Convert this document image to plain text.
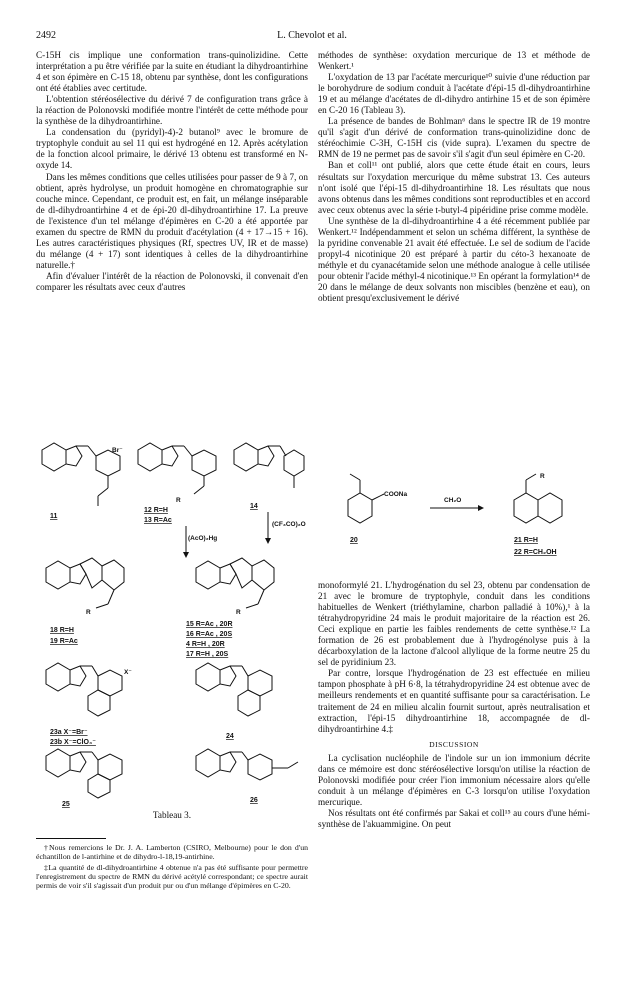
2492	L. Chevolot et al.

C-15H cis implique une conformation trans-quinolizidine. Cette interprétation a pu être vérifiée par la suite en étudiant la dihydroantirhine 4 et son épimère en C-15 18, obtenu par synthèse, dont les configurations ont été établies avec certitude.

L'obtention stéréosélective du dérivé 7 de configuration trans grâce à la réaction de Polonovski modifiée montre l'intérêt de cette méthode pour la synthèse de la dihydroantirhine.

La condensation du (pyridyl)-4)-2 butanol⁹ avec le bromure de tryptophyle conduit au sel 11 qui est hydrogéné en 12. Après acétylation de la fonction alcool primaire, le dérivé 13 obtenu est transformé en N-oxyde 14.

Dans les mêmes conditions que celles utilisées pour passer de 9 à 7, on obtient, après hydrolyse, un produit homogène en chromatographie sur couche mince. Cependant, ce produit est, en fait, un mélange inséparable de dl-dihydroantirhine 4 et de épi-20 dl-dihydroantirhine 17. La preuve de l'existence d'un tel mélange d'épimères en C-20 a été apportée par examen du spectre de RMN du produit d'acétylation (4 + 17→15 + 16). Les autres caractéristiques physiques (Rf, spectres UV, IR et de masse) du mélange (4 + 17) sont identiques à celles de la dihydroantirhine naturelle.†

Afin d'évaluer l'intérêt de la réaction de Polonovski, il convenait d'en comparer les résultats avec ceux d'autres

méthodes de synthèse: oxydation mercurique de 13 et méthode de Wenkert.¹

L'oxydation de 13 par l'acétate mercurique¹⁰ suivie d'une réduction par le borohydrure de sodium conduit à l'acétate d'épi-15 dl-dihydroantirhine 19 et au mélange d'acétates de dl-dihydro antirhine 15 et de son épimère en C-20 16 (Tableau 3).

La présence de bandes de Bohlman⁶ dans le spectre IR de 19 montre qu'il s'agit d'un dérivé de conformation trans-quinolizidine donc de stéréochimie C-3H, C-15H cis (vide supra). L'examen du spectre de RMN de 19 ne permet pas de savoir s'il s'agit d'un seul épimère en C-20.

Ban et coll¹¹ ont publié, alors que cette étude était en cours, leurs résultats sur l'oxydation mercurique du même substrat 13. Ces auteurs n'ont isolé que l'épi-15 dl-dihydroantirhine 18. Les résultats que nous avons obtenus dans les mêmes conditions sont reproductibles et en accord avec ceux obtenus avec la série t-butyl-4 pipéridine prise comme modèle.

Une synthèse de la dl-dihydroantirhine 4 a été récemment publiée par Wenkert.¹² Indépendamment et selon un schéma différent, la synthèse de la pyridine convenable 21 avait été effectuée. Le sel de sodium de l'acide propyl-4 nicotinique 20 est préparé à partir du céto-3 hexanoate de méthyle et du cyanacétamide selon une méthode analogue à celle utilisée pour obtenir l'acide méthyl-4 nicotinique.¹³ En opérant la formylation¹⁴ de 20 dans le mélange de deux solvants non miscibles (benzène et eau), on obtient presqu'exclusivement le dérivé

Br⁻
11
R
12 R=H
13 R=Ac
14
(AcO)₂Hg
(CF₃CO)₂O
R
18 R=H
19 R=Ac
R
15 R=Ac , 20R
16 R=Ac , 20S
4 R=H , 20R
17 R=H , 20S
X⁻
23a X⁻=Br⁻
23b X⁻=ClO₄⁻
24
25
26
Tableau 3.

†Nous remercions le Dr. J. A. Lamberton (CSIRO, Melbourne) pour le don d'un échantillon de l-antirhine et de dihydro-l-18,19-antirhine.

‡La quantité de dl-dihydroantirhine 4 obtenue n'a pas été suffisante pour permettre l'enregistrement du spectre de RMN du dérivé acétylé correspondant; ce spectre aurait permis de voir s'il s'agissait d'un produit pur ou d'un mélange d'épimères en C-20.

COONa
20
CH₂O
R
21 R=H
22 R=CH₂OH

monoformylé 21. L'hydrogénation du sel 23, obtenu par condensation de 21 avec le bromure de tryptophyle, conduit dans les conditions habituelles de Wenkert (triéthylamine, charbon palladié à 10%),¹ à la tétrahydropyridine 24 mais le produit majoritaire de la réaction est 26. Ceci explique en partie les faibles rendements de cette synthèse.¹² La formation de 26 est probablement due à l'hydrogénolyse puis à la décarboxylation de la lactone d'alcool allylique de la forme neutre 25 du sel de pyridinium 23.

Par contre, lorsque l'hydrogénation de 23 est effectuée en milieu tampon phosphate à pH 6·8, la tétrahydropyridine 24 est obtenue avec de meilleurs rendements et en quantité suffisante pour sa caractérisation. Le traitement de 24 en milieu alcalin fournit surtout, après neutralisation et extraction, l'épi-15 dihydroantirhine 18, accompagnée de dl-dihydroantirhine 4.‡

DISCUSSION

La cyclisation nucléophile de l'indole sur un ion immonium décrite dans ce mémoire est donc stéréosélective lorsqu'on utilise la réaction de Polonovski modifiée pour créer l'ion immonium nécessaire alors qu'elle conduit à un mélange d'épimères en C-3 lorsqu'on utilise l'oxydation mercurique.

Nos résultats ont été confirmés par Sakai et coll¹⁵ au cours d'une hémi-synthèse de l'akuammigine. On peut
